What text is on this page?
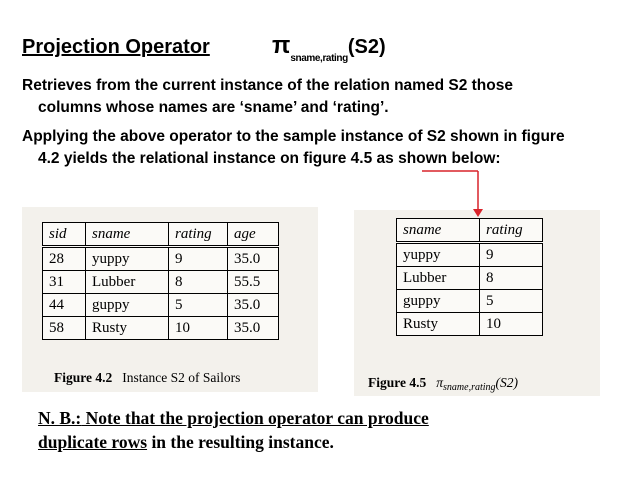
Projection Operator	$\pi_{sname,rating}(S2)$
Retrieves from the current instance of the relation named S2 those
columns whose names are ‘sname’ and ‘rating’.
Applying the above operator to the sample instance of S2 shown in figure
4.2 yields the relational instance on figure 4.5 as shown below:
sid	sname	rating	age
28	yuppy	9	35.0
31	Lubber	8	55.5
44	guppy	5	35.0
58	Rusty	10	35.0
Figure 4.2 Instance S2 of Sailors
sname	rating
yuppy	9
Lubber	8
guppy	5
Rusty	10
Figure 4.5 $\pi_{sname,rating}(S2)$
N. B.: Note that the projection operator can produce
duplicate rows in the resulting instance.
